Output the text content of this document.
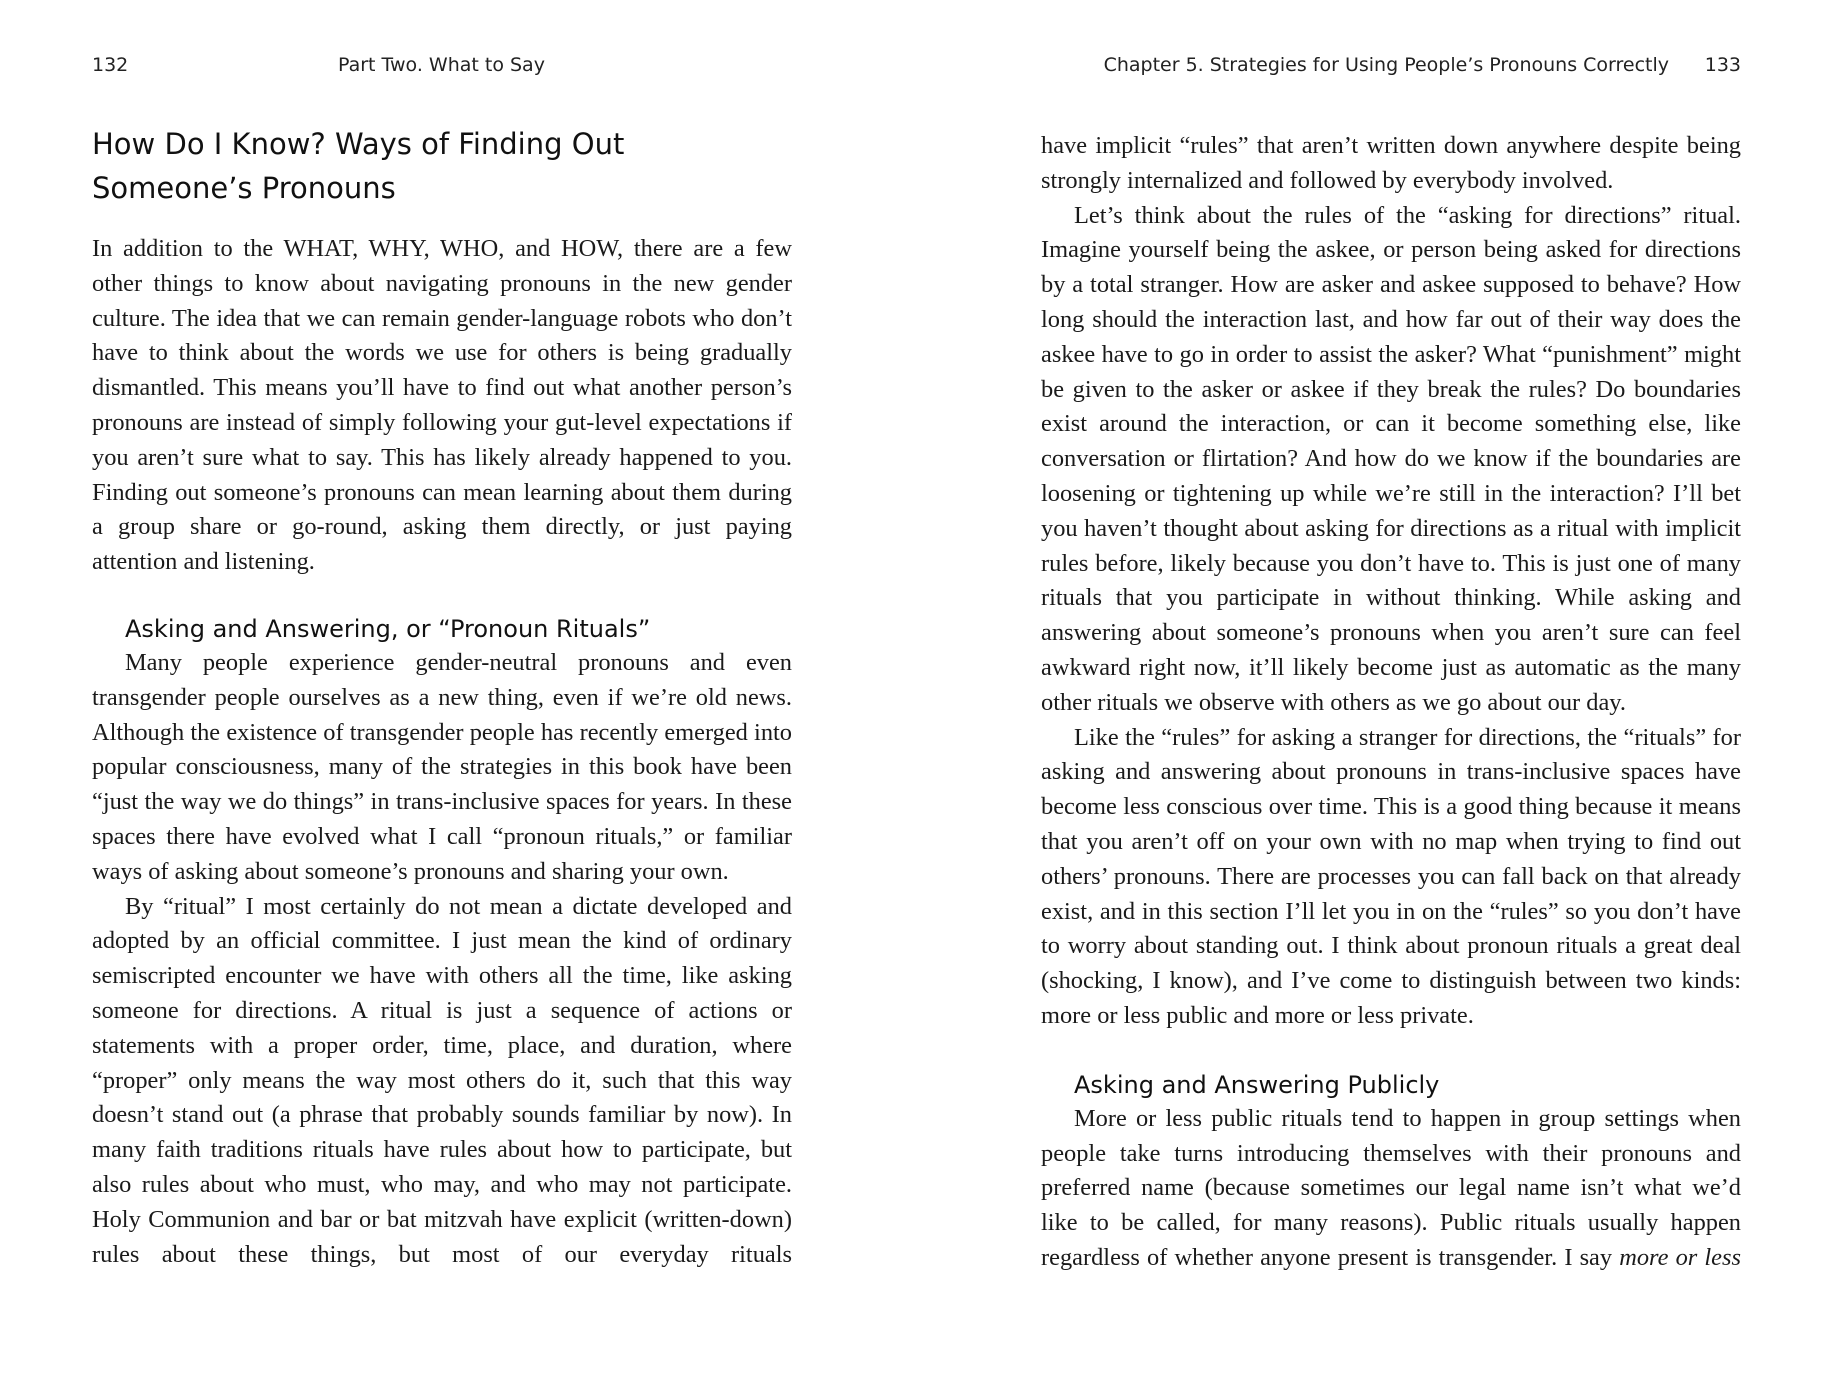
132	Part Two. What to Say
How Do I Know? Ways of Finding Out
Someone’s Pronouns

In addition to the WHAT, WHY, WHO, and HOW, there are a few other things to know about navigating pronouns in the new gender culture. The idea that we can remain gender-language robots who don’t have to think about the words we use for others is being gradually dismantled. This means you’ll have to find out what another person’s pronouns are instead of simply following your gut-level expectations if you aren’t sure what to say. This has likely already happened to you. Finding out someone’s pronouns can mean learning about them during a group share or go-round, asking them directly, or just paying attention and listening.

Asking and Answering, or “Pronoun Rituals”

Many people experience gender-neutral pronouns and even transgender people ourselves as a new thing, even if we’re old news. Although the existence of transgender people has recently emerged into popular consciousness, many of the strategies in this book have been “just the way we do things” in trans-inclusive spaces for years. In these spaces there have evolved what I call “pronoun rituals,” or familiar ways of asking about someone’s pronouns and sharing your own.

By “ritual” I most certainly do not mean a dictate developed and adopted by an official committee. I just mean the kind of ordinary semiscripted encounter we have with others all the time, like asking someone for directions. A ritual is just a sequence of actions or statements with a proper order, time, place, and duration, where “proper” only means the way most others do it, such that this way doesn’t stand out (a phrase that probably sounds familiar by now). In many faith traditions rituals have rules about how to participate, but also rules about who must, who may, and who may not participate. Holy Communion and bar or bat mitzvah have explicit (written-down) rules about these things, but most of our everyday rituals

Chapter 5. Strategies for Using People’s Pronouns Correctly 133

have implicit “rules” that aren’t written down anywhere despite being strongly internalized and followed by everybody involved.

Let’s think about the rules of the “asking for directions” ritual. Imagine yourself being the askee, or person being asked for directions by a total stranger. How are asker and askee supposed to behave? How long should the interaction last, and how far out of their way does the askee have to go in order to assist the asker? What “punishment” might be given to the asker or askee if they break the rules? Do boundaries exist around the interaction, or can it become something else, like conversation or flirtation? And how do we know if the boundaries are loosening or tightening up while we’re still in the interaction? I’ll bet you haven’t thought about asking for directions as a ritual with implicit rules before, likely because you don’t have to. This is just one of many rituals that you participate in without thinking. While asking and answering about someone’s pronouns when you aren’t sure can feel awkward right now, it’ll likely become just as automatic as the many other rituals we observe with others as we go about our day.

Like the “rules” for asking a stranger for directions, the “rituals” for asking and answering about pronouns in trans-inclusive spaces have become less conscious over time. This is a good thing because it means that you aren’t off on your own with no map when trying to find out others’ pronouns. There are processes you can fall back on that already exist, and in this section I’ll let you in on the “rules” so you don’t have to worry about standing out. I think about pronoun rituals a great deal (shocking, I know), and I’ve come to distinguish between two kinds: more or less public and more or less private.

Asking and Answering Publicly

More or less public rituals tend to happen in group settings when people take turns introducing themselves with their pronouns and preferred name (because sometimes our legal name isn’t what we’d like to be called, for many reasons). Public rituals usually happen regardless of whether anyone present is transgender. I say more or less
